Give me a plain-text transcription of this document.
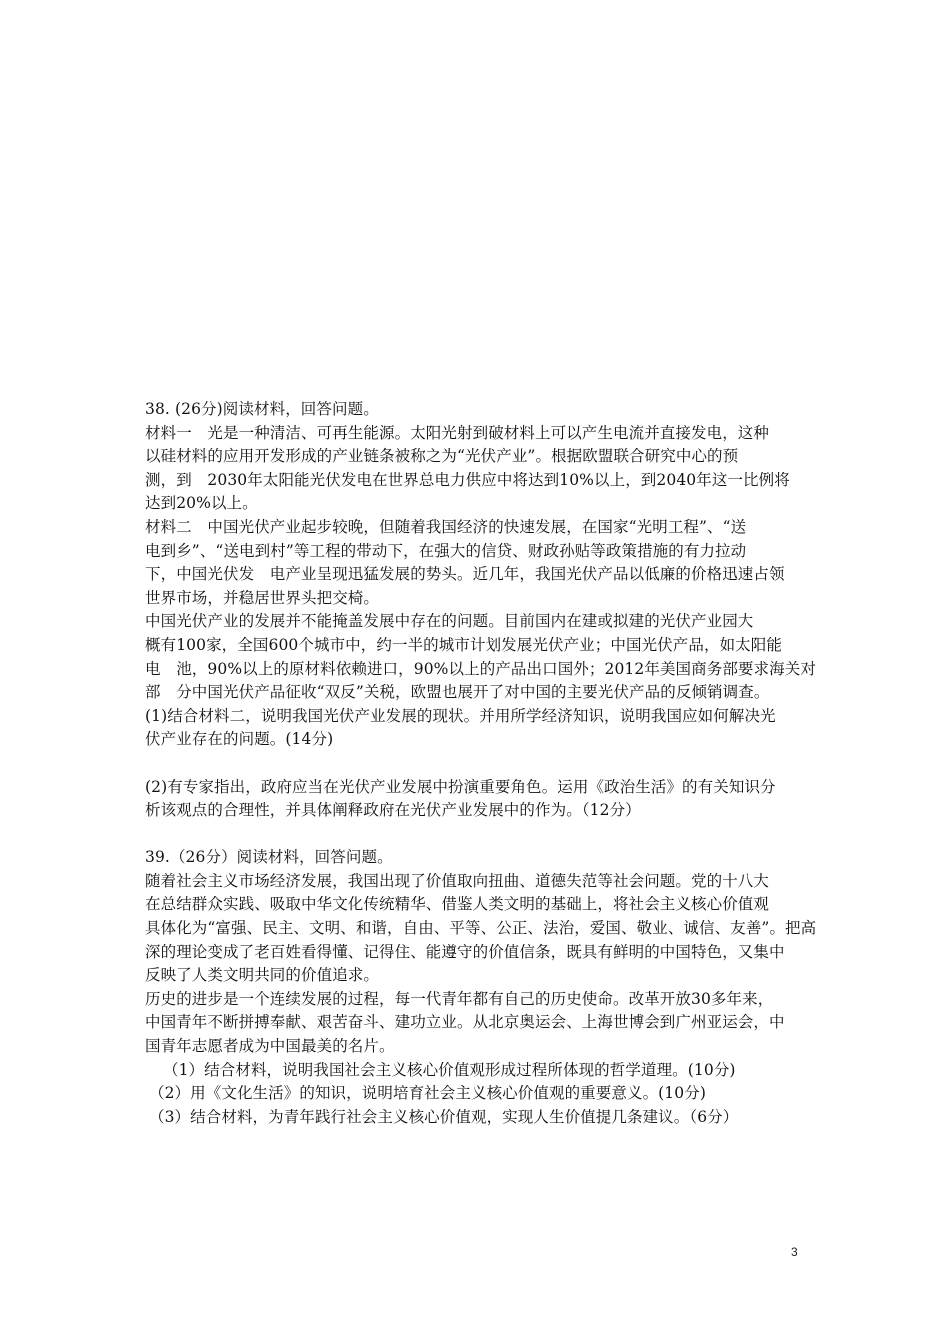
38. (26分)阅读材料，回答问题。
材料一　光是一种清洁、可再生能源。太阳光射到破材料上可以产生电流并直接发电，这种
以硅材料的应用开发形成的产业链条被称之为“光伏产业”。根据欧盟联合研究中心的预
测，到　2030年太阳能光伏发电在世界总电力供应中将达到10%以上，到2040年这一比例将
达到20%以上。
材料二　中国光伏产业起步较晚，但随着我国经济的快速发展，在国家“光明工程”、“送
电到乡”、“送电到村”等工程的带动下，在强大的信贷、财政孙贴等政策措施的有力拉动
下，中国光伏发　电产业呈现迅猛发展的势头。近几年，我国光伏产品以低廉的价格迅速占领
世界市场，并稳居世界头把交椅。
中国光伏产业的发展并不能掩盖发展中存在的问题。目前国内在建或拟建的光伏产业园大
概有100家，全国600个城市中，约一半的城市计划发展光伏产业；中国光伏产品，如太阳能
电　池，90%以上的原材料依赖进口，90%以上的产品出口国外；2012年美国商务部要求海关对
部　分中国光伏产品征收“双反”关税，欧盟也展开了对中国的主要光伏产品的反倾销调查。
(1)结合材料二，说明我国光伏产业发展的现状。并用所学经济知识，说明我国应如何解决光
伏产业存在的问题。(14分)
(2)有专家指出，政府应当在光伏产业发展中扮演重要角色。运用《政治生活》的有关知识分
析该观点的合理性，并具体阐释政府在光伏产业发展中的作为。（12分）
39.（26分）阅读材料，回答问题。
随着社会主义市场经济发展，我国出现了价值取向扭曲、道德失范等社会问题。党的十八大
在总结群众实践、吸取中华文化传统精华、借鉴人类文明的基础上，将社会主义核心价值观
具体化为“富强、民主、文明、和谐，自由、平等、公正、法治，爱国、敬业、诚信、友善”。把高
深的理论变成了老百姓看得懂、记得住、能遵守的价值信条，既具有鲜明的中国特色，又集中
反映了人类文明共同的价值追求。
历史的进步是一个连续发展的过程，每一代青年都有自己的历史使命。改革开放30多年来，
中国青年不断拼搏奉献、艰苦奋斗、建功立业。从北京奥运会、上海世博会到广州亚运会，中
国青年志愿者成为中国最美的名片。
（1）结合材料，说明我国社会主义核心价值观形成过程所体现的哲学道理。(10分)
（2）用《文化生活》的知识，说明培育社会主义核心价值观的重要意义。(10分)
（3）结合材料，为青年践行社会主义核心价值观，实现人生价值提几条建议。（6分）
3
